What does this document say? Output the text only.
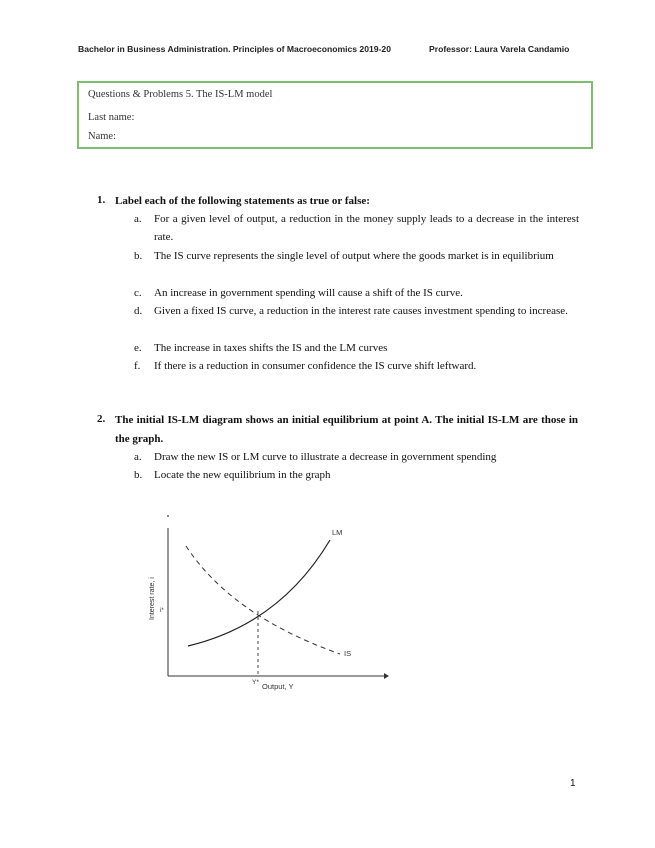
Bachelor in Business Administration. Principles of Macroeconomics 2019-20	Professor: Laura Varela Candamio
Questions & Problems 5. The IS-LM model
Last name:
Name:
1. Label each of the following statements as true or false:
a. For a given level of output, a reduction in the money supply leads to a decrease in the interest rate.
b. The IS curve represents the single level of output where the goods market is in equilibrium
c. An increase in government spending will cause a shift of the IS curve.
d. Given a fixed IS curve, a reduction in the interest rate causes investment spending to increase.
e. The increase in taxes shifts the IS and the LM curves
f. If there is a reduction in consumer confidence the IS curve shift leftward.
2. The initial IS-LM diagram shows an initial equilibrium at point A. The initial IS-LM are those in the graph.
a. Draw the new IS or LM curve to illustrate a decrease in government spending
b. Locate the new equilibrium in the graph
LM
IS
Interest rate, i i*
Y* Output, Y
1
